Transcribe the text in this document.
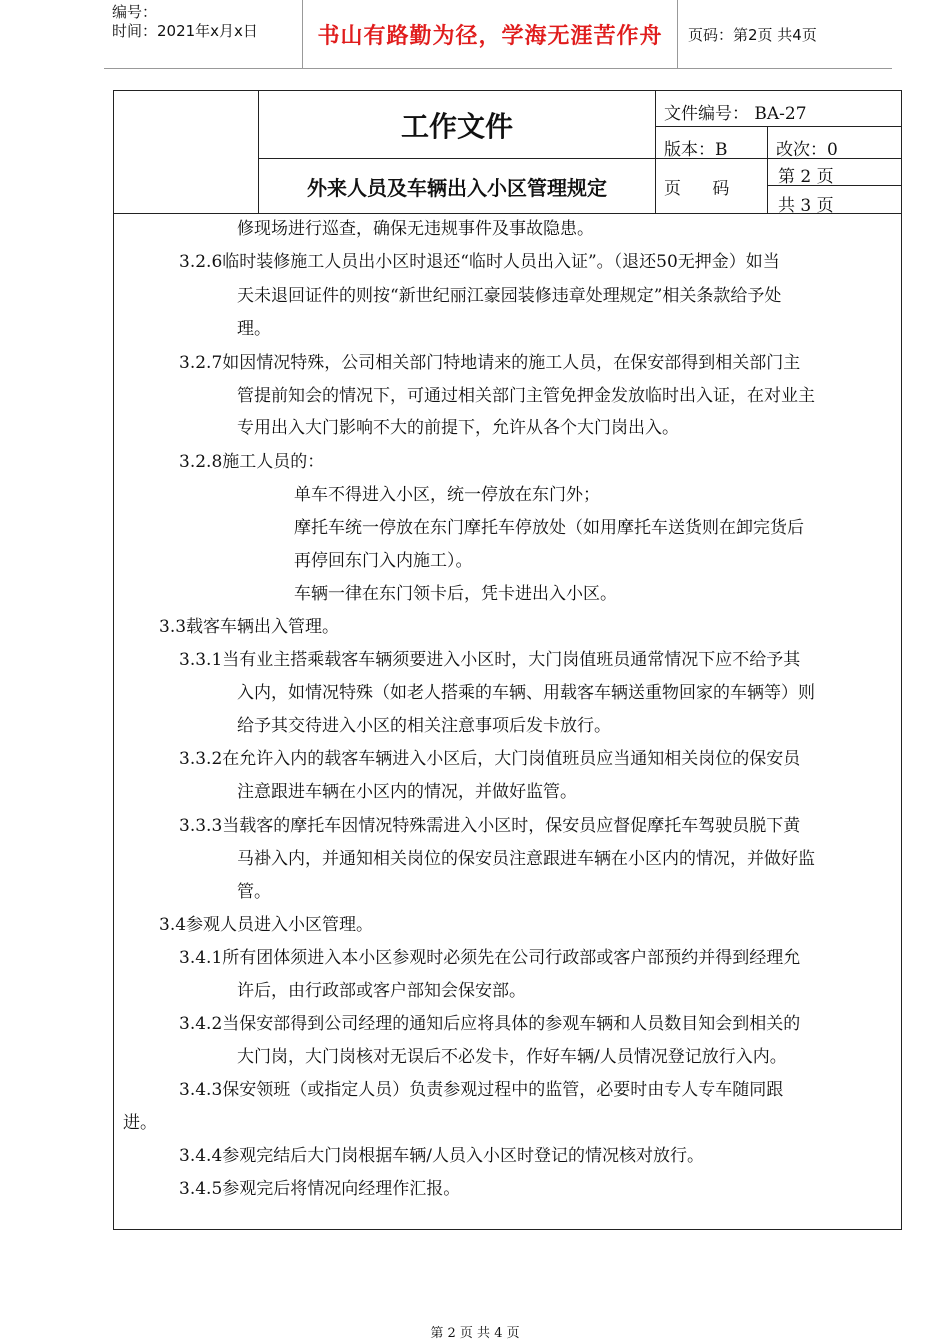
编号：
时间：2021年x月x日	书山有路勤为径，学海无涯苦作舟	页码：第2页 共4页
工作文件
外来人员及车辆出入小区管理规定
文件编号： BA-27
版本：B	改次：0
页 码
第 2 页
共 3 页
修现场进行巡查，确保无违规事件及事故隐患。
3.2.6临时装修施工人员出小区时退还“临时人员出入证”。（退还50无押金）如当
天未退回证件的则按“新世纪丽江豪园装修违章处理规定”相关条款给予处
理。
3.2.7如因情况特殊，公司相关部门特地请来的施工人员，在保安部得到相关部门主
管提前知会的情况下，可通过相关部门主管免押金发放临时出入证，在对业主
专用出入大门影响不大的前提下，允许从各个大门岗出入。
3.2.8施工人员的：
单车不得进入小区，统一停放在东门外；
摩托车统一停放在东门摩托车停放处（如用摩托车送货则在卸完货后
再停回东门入内施工）。
车辆一律在东门领卡后，凭卡进出入小区。
3.3载客车辆出入管理。
3.3.1当有业主搭乘载客车辆须要进入小区时，大门岗值班员通常情况下应不给予其
入内，如情况特殊（如老人搭乘的车辆、用载客车辆送重物回家的车辆等）则
给予其交待进入小区的相关注意事项后发卡放行。
3.3.2在允许入内的载客车辆进入小区后，大门岗值班员应当通知相关岗位的保安员
注意跟进车辆在小区内的情况，并做好监管。
3.3.3当载客的摩托车因情况特殊需进入小区时，保安员应督促摩托车驾驶员脱下黄
马褂入内，并通知相关岗位的保安员注意跟进车辆在小区内的情况，并做好监
管。
3.4参观人员进入小区管理。
3.4.1所有团体须进入本小区参观时必须先在公司行政部或客户部预约并得到经理允
许后，由行政部或客户部知会保安部。
3.4.2当保安部得到公司经理的通知后应将具体的参观车辆和人员数目知会到相关的
大门岗，大门岗核对无误后不必发卡，作好车辆/人员情况登记放行入内。
3.4.3保安领班（或指定人员）负责参观过程中的监管，必要时由专人专车随同跟
进。
3.4.4参观完结后大门岗根据车辆/人员入小区时登记的情况核对放行。
3.4.5参观完后将情况向经理作汇报。
第 2 页 共 4 页
